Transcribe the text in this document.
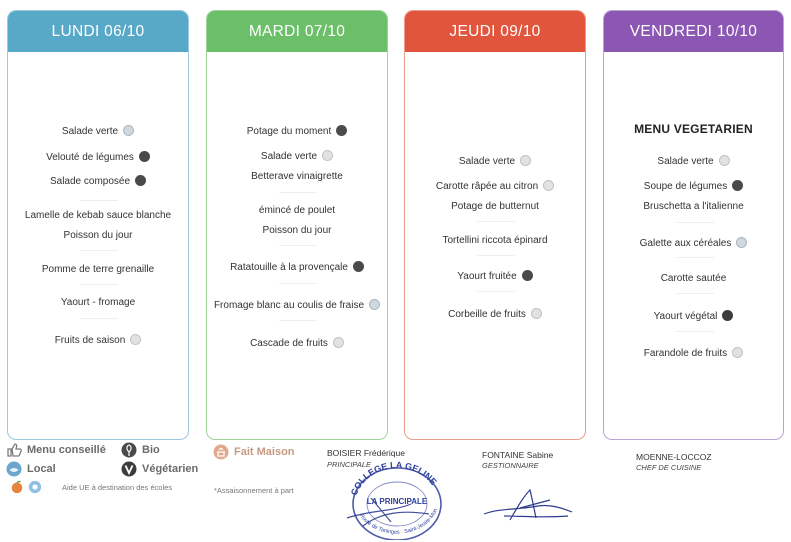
LUNDI 06/10
Salade verte
Velouté de légumes
Salade composée
Lamelle de kebab sauce blanche
Poisson du jour
Pomme de terre grenaille
Yaourt - fromage
Fruits de saison
MARDI 07/10
Potage du moment
Salade verte
Betterave vinaigrette
émincé de poulet
Poisson du jour
Ratatouille à la provençale
Fromage blanc au coulis de fraise
Cascade de fruits
JEUDI 09/10
Salade verte
Carotte râpée au citron
Potage de butternut
Tortellini riccota épinard
Yaourt fruitée
Corbeille de fruits
VENDREDI 10/10
MENU VEGETARIEN
Salade verte
Soupe de légumes
Bruschetta a l'italienne
Galette aux céréales
Carotte sautée
Yaourt végétal
Farandole de fruits
Menu conseillé
Local
Bio
Végétarien
Fait Maison
Aide UE à destination des écoles	*Assaisonnement à part
BOISIER Frédérique
PRINCIPALE
FONTAINE Sabine
GESTIONNAIRE
MOENNE-LOCCOZ
CHEF DE CUISINE
COLLEGE LA GELINE
LA PRINCIPALE
Route de Taninges · Saint-Jeoire-Mon
